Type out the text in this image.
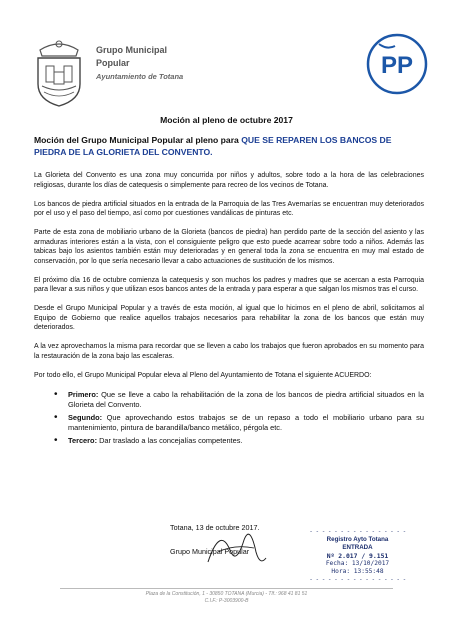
Grupo Municipal
Popular
Ayuntamiento de Totana	PP
Moción al pleno de octubre 2017
Moción del Grupo Municipal Popular al pleno para QUE SE REPAREN LOS BANCOS DE PIEDRA DE LA GLORIETA DEL CONVENTO.

La Glorieta del Convento es una zona muy concurrida por niños y adultos, sobre todo a la hora de las celebraciones religiosas, durante los días de catequesis o simplemente para recreo de los vecinos de Totana.

Los bancos de piedra artificial situados en la entrada de la Parroquia de las Tres Avemarías se encuentran muy deteriorados por el uso y el paso del tiempo, así como por cuestiones vandálicas de pinturas etc.

Parte de esta zona de mobiliario urbano de la Glorieta (bancos de piedra) han perdido parte de la sección del asiento y las armaduras interiores están a la vista, con el consiguiente peligro que esto puede acarrear sobre todo a niños. Además las tabicas bajo los asientos también están muy deterioradas y en general toda la zona se encuentra en muy mal estado de conservación, por lo que sería necesario llevar a cabo actuaciones de sustitución de los mismos.

El próximo día 16 de octubre comienza la catequesis y son muchos los padres y madres que se acercan a esta Parroquia para llevar a sus niños y que utilizan esos bancos antes de la entrada y para esperar a que salgan los mismos tras el curso.

Desde el Grupo Municipal Popular y a través de esta moción, al igual que lo hicimos en el pleno de abril, solicitamos al Equipo de Gobierno que realice aquellos trabajos necesarios para rehabilitar la zona de los bancos que están muy deteriorados.

A la vez aprovechamos la misma para recordar que se lleven a cabo los trabajos que fueron aprobados en su momento para la restauración de la zona bajo las escaleras.

Por todo ello, el Grupo Municipal Popular eleva al Pleno del Ayuntamiento de Totana el siguiente ACUERDO:

• Primero: Que se lleve a cabo la rehabilitación de la zona de los bancos de piedra artificial situados en la Glorieta del Convento.
• Segundo: Que aprovechando estos trabajos se de un repaso a todo el mobiliario urbano para su mantenimiento, pintura de barandilla/banco metálico, pérgola etc.
• Tercero: Dar traslado a las concejalías competentes.
Totana, 13 de octubre 2017.
Grupo Municipal Popular
- - - - - - - - - - - - - - - -
Registro Ayto Totana
ENTRADA
Nº 2.017 / 9.151
Fecha: 13/10/2017
Hora: 13:55:48
- - - - - - - - - - - - - - - -
Plaza de la Constitución, 1 - 30850 TOTANA (Murcia) - Tlf.: 968 41 81 51
C.I.F.: P-3003900-B
